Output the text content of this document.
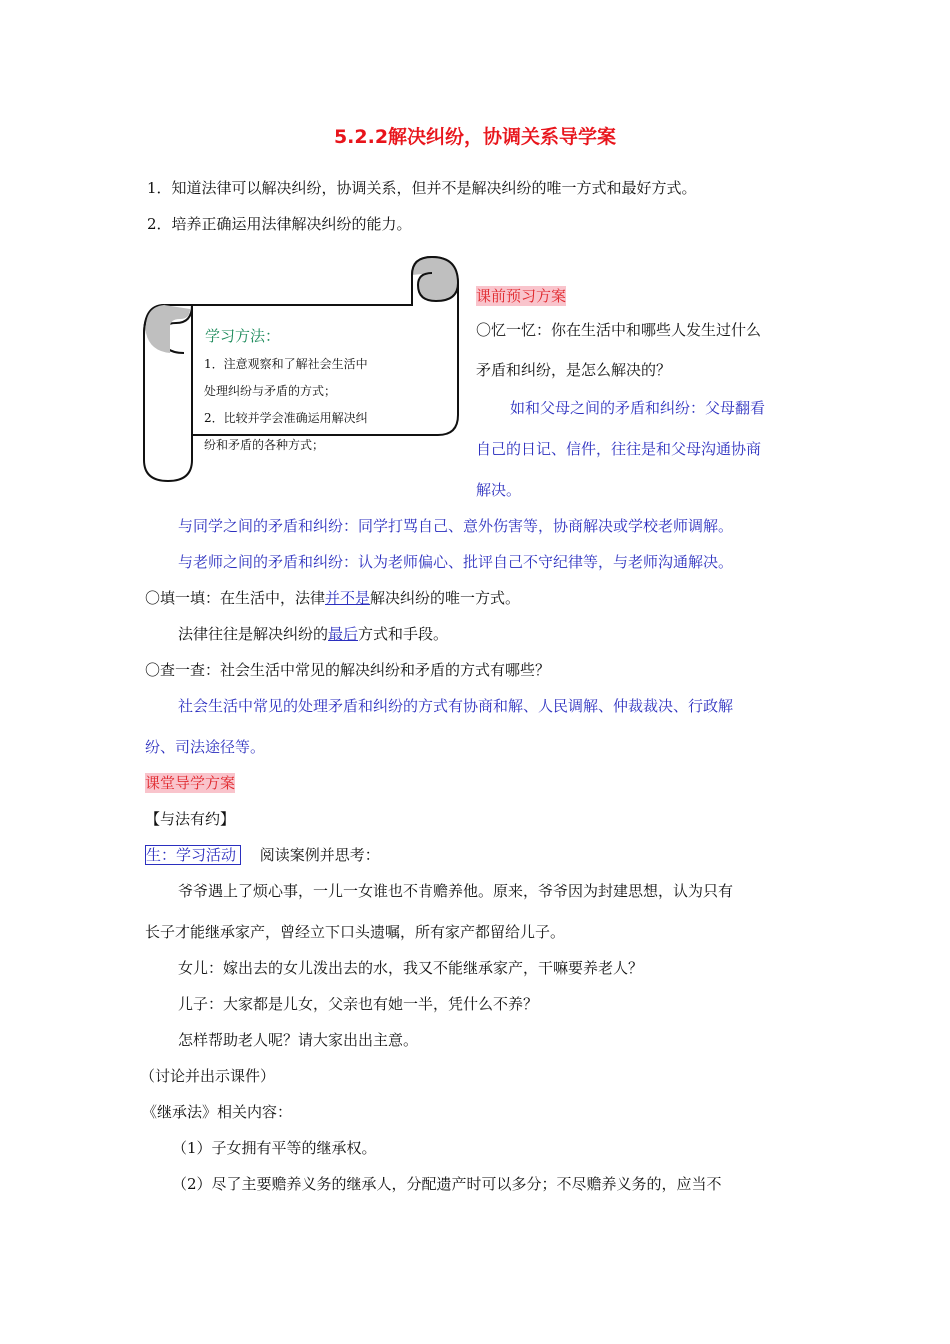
5.2.2解决纠纷，协调关系导学案
1．知道法律可以解决纠纷，协调关系，但并不是解决纠纷的唯一方式和最好方式。
2．培养正确运用法律解决纠纷的能力。
学习方法：
1．注意观察和了解社会生活中
处理纠纷与矛盾的方式；
2．比较并学会准确运用解决纠
纷和矛盾的各种方式；
课前预习方案
〇忆一忆：你在生活中和哪些人发生过什么
矛盾和纠纷，是怎么解决的？
如和父母之间的矛盾和纠纷：父母翻看
自己的日记、信件，往往是和父母沟通协商
解决。
与同学之间的矛盾和纠纷：同学打骂自己、意外伤害等，协商解决或学校老师调解。
与老师之间的矛盾和纠纷：认为老师偏心、批评自己不守纪律等，与老师沟通解决。
〇填一填：在生活中，法律并不是解决纠纷的唯一方式。
法律往往是解决纠纷的最后方式和手段。
〇查一查：社会生活中常见的解决纠纷和矛盾的方式有哪些？
社会生活中常见的处理矛盾和纠纷的方式有协商和解、人民调解、仲裁裁决、行政解
纷、司法途径等。
课堂导学方案
【与法有约】
生：学习活动 阅读案例并思考：
爷爷遇上了烦心事，一儿一女谁也不肯赡养他。原来，爷爷因为封建思想，认为只有
长子才能继承家产，曾经立下口头遗嘱，所有家产都留给儿子。
女儿：嫁出去的女儿泼出去的水，我又不能继承家产，干嘛要养老人？
儿子：大家都是儿女，父亲也有她一半，凭什么不养？
怎样帮助老人呢？请大家出出主意。
（讨论并出示课件）
《继承法》相关内容：
（1）子女拥有平等的继承权。
（2）尽了主要赡养义务的继承人，分配遗产时可以多分；不尽赡养义务的，应当不
